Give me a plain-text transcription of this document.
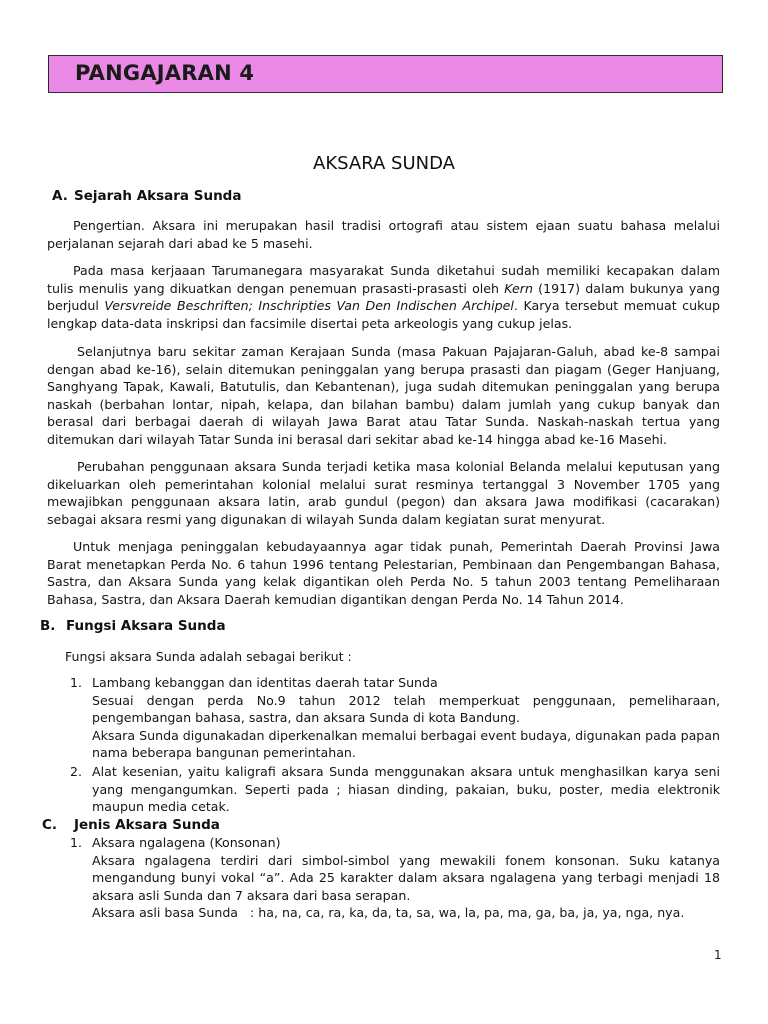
PANGAJARAN 4
AKSARA SUNDA
A. Sejarah Aksara Sunda
Pengertian. Aksara ini merupakan hasil tradisi ortografi atau sistem ejaan suatu bahasa melalui perjalanan sejarah dari abad ke 5 masehi.
Pada masa kerjaaan Tarumanegara masyarakat Sunda diketahui sudah memiliki kecapakan dalam tulis menulis yang dikuatkan dengan penemuan prasasti-prasasti oleh Kern (1917) dalam bukunya yang berjudul Versvreide Beschriften; Inschripties Van Den Indischen Archipel. Karya tersebut memuat cukup lengkap data-data inskripsi dan facsimile disertai peta arkeologis yang cukup jelas.
Selanjutnya baru sekitar zaman Kerajaan Sunda (masa Pakuan Pajajaran-Galuh, abad ke-8 sampai dengan abad ke-16), selain ditemukan peninggalan yang berupa prasasti dan piagam (Geger Hanjuang, Sanghyang Tapak, Kawali, Batutulis, dan Kebantenan), juga sudah ditemukan peninggalan yang berupa naskah (berbahan lontar, nipah, kelapa, dan bilahan bambu) dalam jumlah yang cukup banyak dan berasal dari berbagai daerah di wilayah Jawa Barat atau Tatar Sunda. Naskah-naskah tertua yang ditemukan dari wilayah Tatar Sunda ini berasal dari sekitar abad ke-14 hingga abad ke-16 Masehi.
Perubahan penggunaan aksara Sunda terjadi ketika masa kolonial Belanda melalui keputusan yang dikeluarkan oleh pemerintahan kolonial melalui surat resminya tertanggal 3 November 1705 yang mewajibkan penggunaan aksara latin, arab gundul (pegon) dan aksara Jawa modifikasi (cacarakan) sebagai aksara resmi yang digunakan di wilayah Sunda dalam kegiatan surat menyurat.
Untuk menjaga peninggalan kebudayaannya agar tidak punah, Pemerintah Daerah Provinsi Jawa Barat menetapkan Perda No. 6 tahun 1996 tentang Pelestarian, Pembinaan dan Pengembangan Bahasa, Sastra, dan Aksara Sunda yang kelak digantikan oleh Perda No. 5 tahun 2003 tentang Pemeliharaan Bahasa, Sastra, dan Aksara Daerah kemudian digantikan dengan Perda No. 14 Tahun 2014.
B. Fungsi Aksara Sunda
Fungsi aksara Sunda adalah sebagai berikut :
1. Lambang kebanggan dan identitas daerah tatar Sunda
Sesuai dengan perda No.9 tahun 2012 telah memperkuat penggunaan, pemeliharaan, pengembangan bahasa, sastra, dan aksara Sunda di kota Bandung.
Aksara Sunda digunakadan diperkenalkan memalui berbagai event budaya, digunakan pada papan nama beberapa bangunan pemerintahan.
2. Alat kesenian, yaitu kaligrafi aksara Sunda menggunakan aksara untuk menghasilkan karya seni yang mengangumkan. Seperti pada ; hiasan dinding, pakaian, buku, poster, media elektronik maupun media cetak.
C. Jenis Aksara Sunda
1. Aksara ngalagena (Konsonan)
Aksara ngalagena terdiri dari simbol-simbol yang mewakili fonem konsonan. Suku katanya mengandung bunyi vokal “a”. Ada 25 karakter dalam aksara ngalagena yang terbagi menjadi 18 aksara asli Sunda dan 7 aksara dari basa serapan.
Aksara asli basa Sunda   : ha, na, ca, ra, ka, da, ta, sa, wa, la, pa, ma, ga, ba, ja, ya, nga, nya.
1
